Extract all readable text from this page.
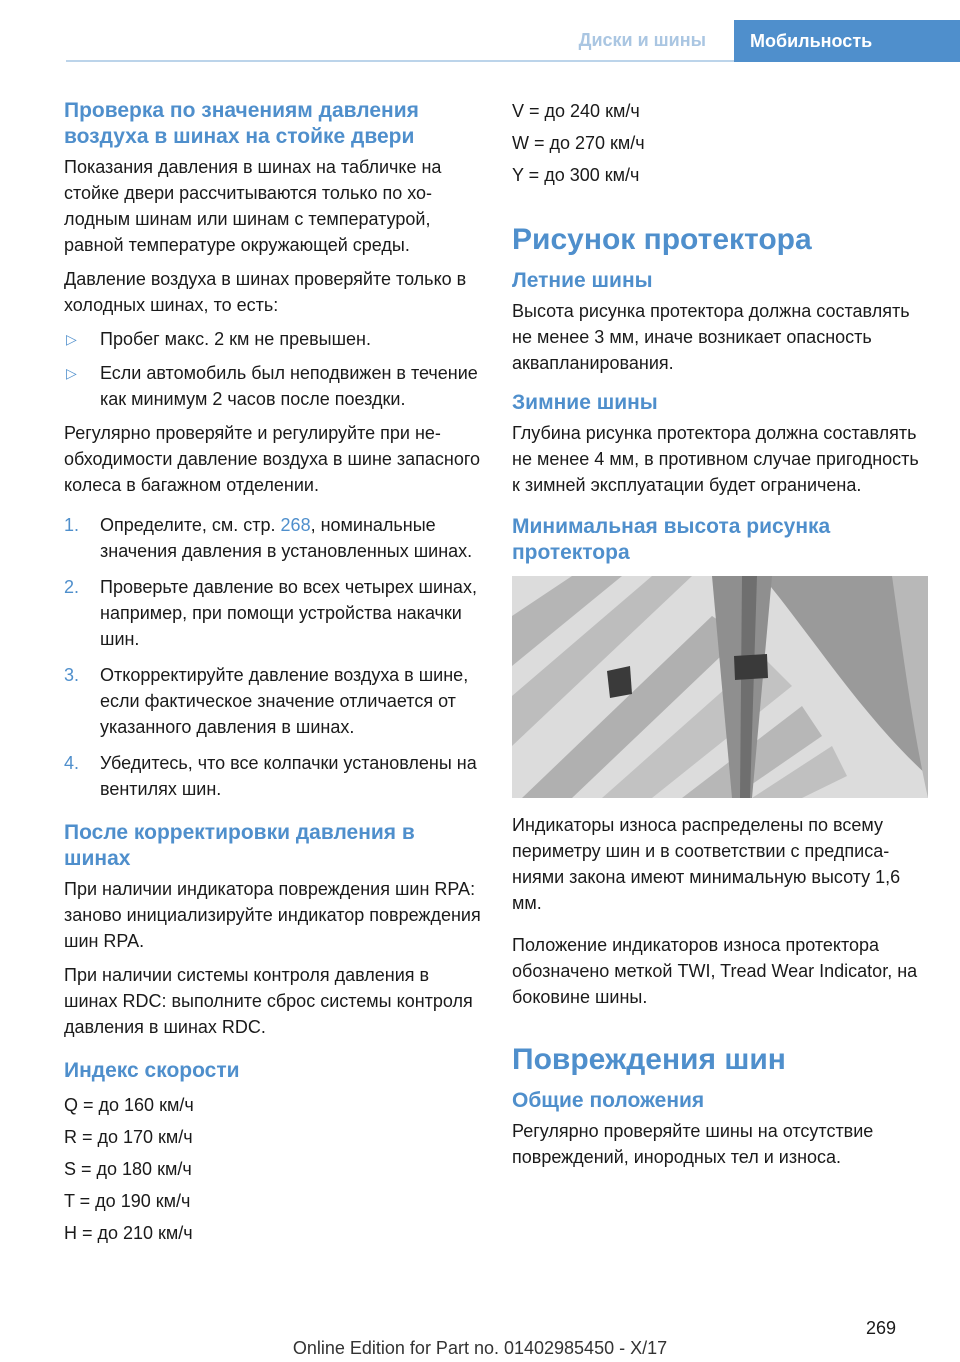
Диски и шины	Мобильность
Проверка по значениям давления воздуха в шинах на стойке двери

Показания давления в шинах на табличке на стойке двери рассчитываются только по холодным шинам или шинам с температурой, равной температуре окружающей среды.

Давление воздуха в шинах проверяйте только в холодных шинах, то есть:

▷ Пробег макс. 2 км не превышен.
▷ Если автомобиль был неподвижен в течение как минимум 2 часов после поездки.

Регулярно проверяйте и регулируйте при необходимости давление воздуха в шине запасного колеса в багажном отделении.

1. Определите, см. стр. 268, номинальные значения давления в установленных шинах.
2. Проверьте давление во всех четырех шинах, например, при помощи устройства накачки шин.
3. Откорректируйте давление воздуха в шине, если фактическое значение отличается от указанного давления в шинах.
4. Убедитесь, что все колпачки установлены на вентилях шин.
После корректировки давления в шинах

При наличии индикатора повреждения шин RPA: заново инициализируйте индикатор повреждения шин RPA.

При наличии системы контроля давления в шинах RDC: выполните сброс системы контроля давления в шинах RDC.

Индекс скорости
Q = до 160 км/ч
R = до 170 км/ч
S = до 180 км/ч
T = до 190 км/ч
H = до 210 км/ч
V = до 240 км/ч
W = до 270 км/ч
Y = до 300 км/ч
Рисунок протектора
Летние шины

Высота рисунка протектора должна составлять не менее 3 мм, иначе возникает опасность аквапланирования.

Зимние шины

Глубина рисунка протектора должна составлять не менее 4 мм, в противном случае пригодность к зимней эксплуатации будет ограничена.

Минимальная высота рисунка протектора

Индикаторы износа распределены по всему периметру шин и в соответствии с предписаниями закона имеют минимальную высоту 1,6 мм.

Положение индикаторов износа протектора обозначено меткой TWI, Tread Wear Indicator, на боковине шины.

Повреждения шин
Общие положения

Регулярно проверяйте шины на отсутствие повреждений, инородных тел и износа.

269
Online Edition for Part no. 01402985450 - X/17
